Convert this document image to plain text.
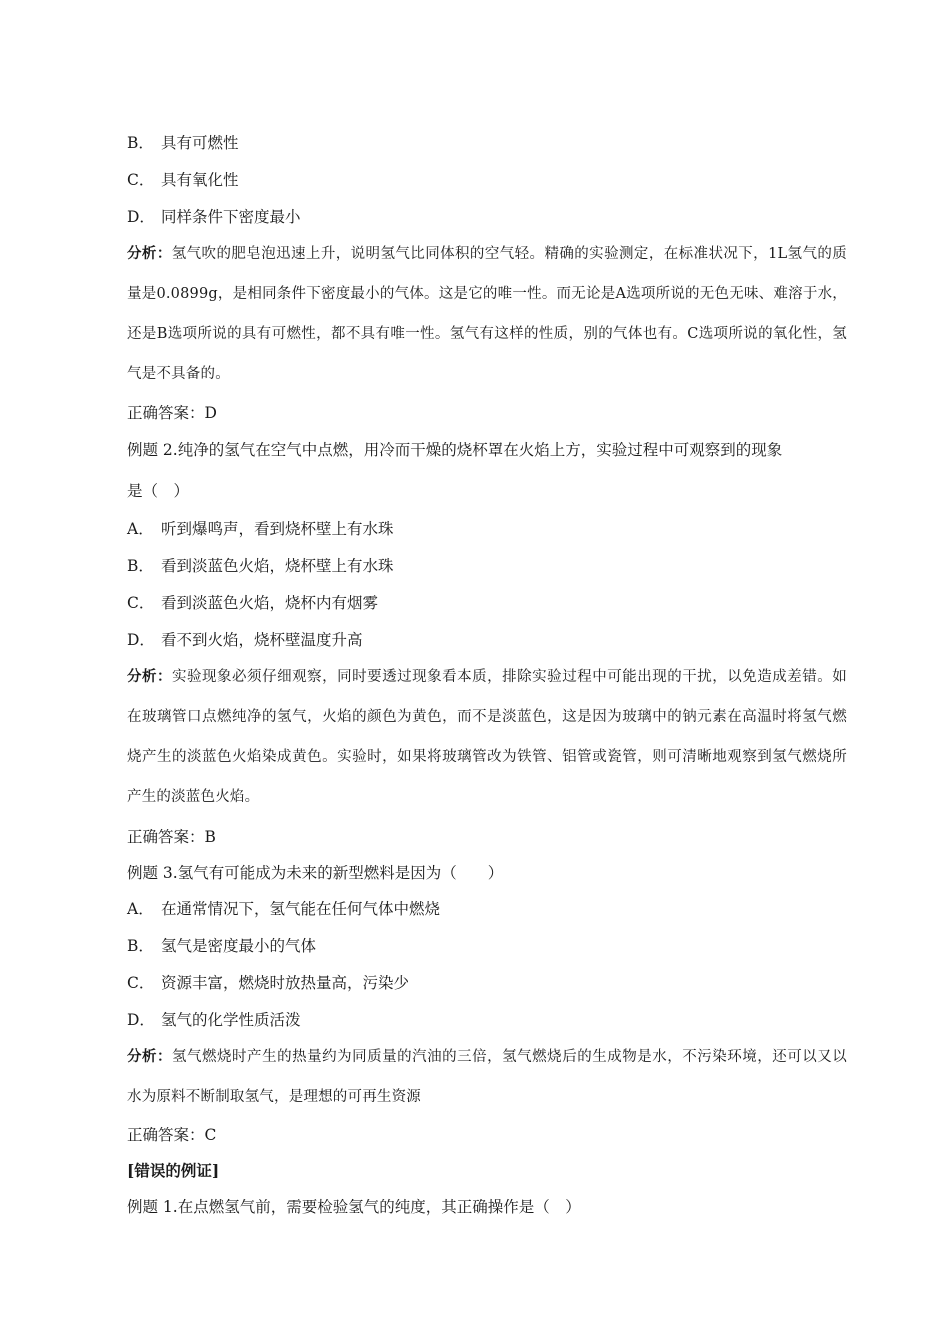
B． 具有可燃性
C． 具有氧化性
D． 同样条件下密度最小
分析：氢气吹的肥皂泡迅速上升，说明氢气比同体积的空气轻。精确的实验测定，在标准状况下，1L氢气的质量是0.0899g，是相同条件下密度最小的气体。这是它的唯一性。而无论是A选项所说的无色无味、难溶于水，还是B选项所说的具有可燃性，都不具有唯一性。氢气有这样的性质，别的气体也有。C选项所说的氧化性，氢气是不具备的。
正确答案：D
例题 2.纯净的氢气在空气中点燃，用冷而干燥的烧杯罩在火焰上方，实验过程中可观察到的现象
是（　）
A． 听到爆鸣声，看到烧杯壁上有水珠
B． 看到淡蓝色火焰，烧杯壁上有水珠
C． 看到淡蓝色火焰，烧杯内有烟雾
D． 看不到火焰，烧杯壁温度升高
分析：实验现象必须仔细观察，同时要透过现象看本质，排除实验过程中可能出现的干扰，以免造成差错。如在玻璃管口点燃纯净的氢气，火焰的颜色为黄色，而不是淡蓝色，这是因为玻璃中的钠元素在高温时将氢气燃烧产生的淡蓝色火焰染成黄色。实验时，如果将玻璃管改为铁管、铝管或瓷管，则可清晰地观察到氢气燃烧所产生的淡蓝色火焰。
正确答案：B
例题 3.氢气有可能成为未来的新型燃料是因为（　　）
A． 在通常情况下，氢气能在任何气体中燃烧
B． 氢气是密度最小的气体
C． 资源丰富，燃烧时放热量高，污染少
D． 氢气的化学性质活泼
分析：氢气燃烧时产生的热量约为同质量的汽油的三倍，氢气燃烧后的生成物是水，不污染环境，还可以又以水为原料不断制取氢气，是理想的可再生资源
正确答案：C
[错误的例证]
例题 1.在点燃氢气前，需要检验氢气的纯度，其正确操作是（　）
